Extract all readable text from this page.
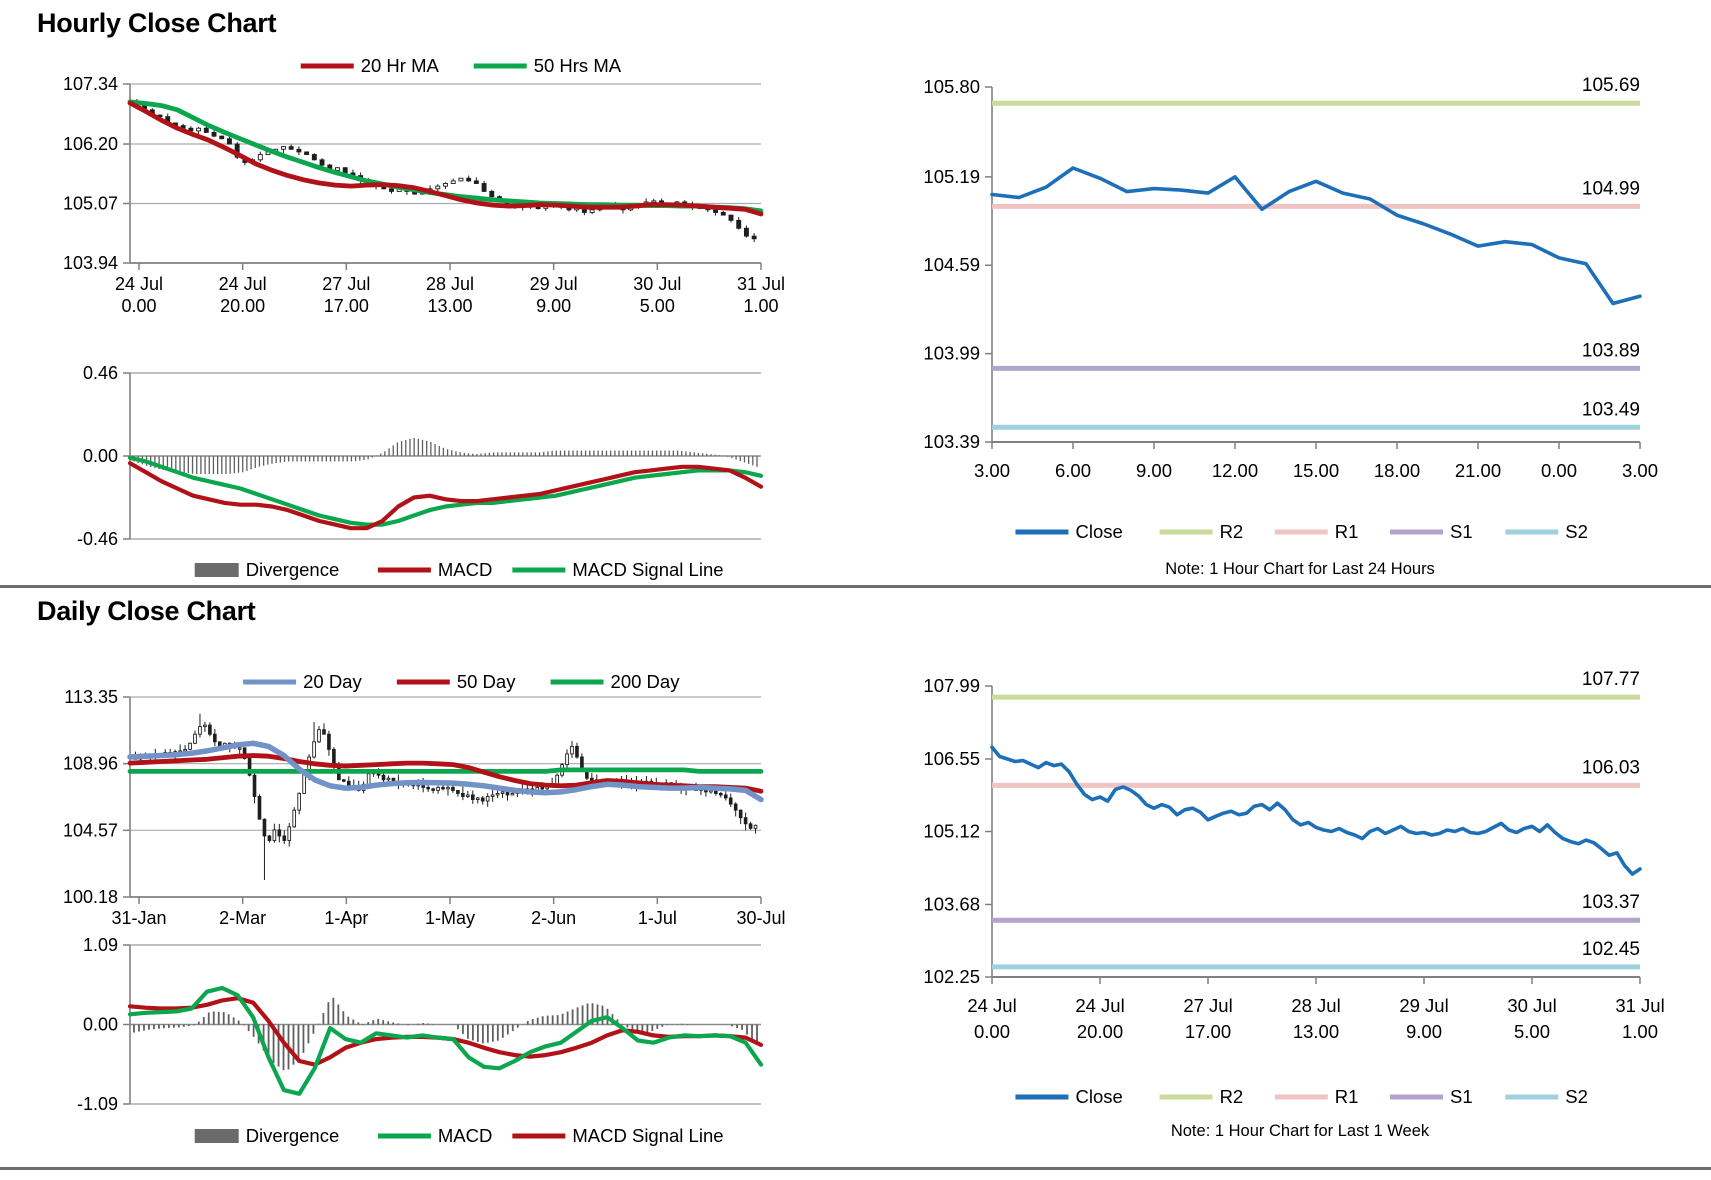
Hourly Close Chart
107.34
106.20
105.07
103.94
24 Jul
0.00
24 Jul
20.00
27 Jul
17.00
28 Jul
13.00
29 Jul
9.00
30 Jul
5.00
31 Jul
1.00
20 Hr MA	50 Hrs MA
0.46
0.00
-0.46
Divergence	MACD	MACD Signal Line
105.80
105.19
104.59
103.99
103.39
3.00 6.00 9.00 12.00 15.00 18.00 21.00 0.00 3.00
105.69
104.99
103.89
103.49
Close	R2	R1	S1	S2
Note: 1 Hour Chart for Last 24 Hours
Daily Close Chart
113.35
108.96
104.57
100.18
31-Jan	2-Mar	1-Apr	1-May	2-Jun	1-Jul	30-Jul
20 Day	50 Day	200 Day
1.09
0.00
-1.09
Divergence	MACD	MACD Signal Line
107.99
106.55
105.12
103.68
102.25
24 Jul
0.00
24 Jul
20.00
27 Jul
17.00
28 Jul
13.00
29 Jul
9.00
30 Jul
5.00
31 Jul
1.00
107.77
106.03
103.37
102.45
Close	R2	R1	S1	S2
Note: 1 Hour Chart for Last 1 Week
